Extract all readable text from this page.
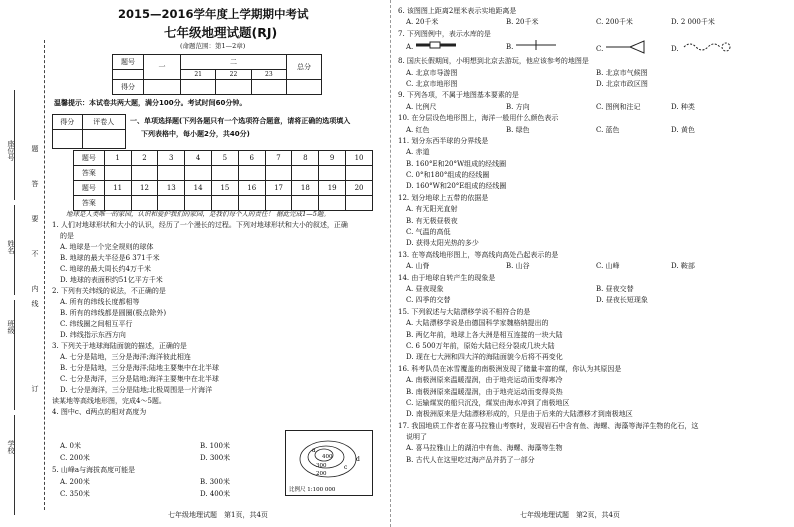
座位号
姓名
班级
学校
订
线
内
不
要
答
题
2015—2016学年度上学期期中考试
七年级地理试题(RJ)
(命题范围：第1—2章)
题号	一	二			总分
		21	22	23	
得分					
温馨提示：本试卷共两大题，满分100分。考试时间60分钟。
得分	评卷人
	一、单项选择题(下列各题只有一个选项符合题意，请将正确的选项填入
下列表格中，每小题2分，共40分)
题号	1	2	3	4	5	6	7	8	9	10
答案										
题号	11	12	13	14	15	16	17	18	19	20
答案										
地球是人类唯一的家园，认识和爱护我们的家园，是我们每个人的责任！ 据此完成1—5题。
1. 人们对地球形状和大小的认识，经历了一个漫长的过程。下列对地球形状和大小的叙述，正确
的是
A. 地球是一个完全规则的球体
B. 地球的最大半径是6 371千米
C. 地球的最大周长约4万千米
D. 地球的表面积约51亿平方千米
2. 下列有关纬线的说法，不正确的是
A. 所有的纬线长度都相等
B. 所有的纬线都是圆圈(极点除外)
C. 纬线圈之间相互平行
D. 纬线指示东西方向
3. 下列关于地球海陆面貌的描述，正确的是
A. 七分是陆地，三分是海洋;海洋彼此相连
B. 七分是陆地，三分是海洋;陆地主要集中在北半球
C. 七分是海洋，三分是陆地;海洋主要集中在北半球
D. 七分是海洋，三分是陆地;北极周围是一片海洋
读某地等高线地形图，完成4～5题。
4. 图中c、d两点的相对高度为
A. 0米	B. 100米
C. 200米	D. 300米
5. 山峰a与海拔高度可能是
A. 200米	B. 300米
C. 350米	D. 400米
a
400
300
200
d
c
比例尺 1:100 000
七年级地理试题　第1页，共4页
6. 该图图上距离2厘米表示实地距离是
A. 20千米	B. 20千米	C. 200千米	D. 2 000千米
7. 下列图例中，表示水库的是
A.	B.	C.	D.
8. 国庆长假期间，小明想到北京去游玩，他应该参考的地图是
A. 北京市导游图	B. 北京市气候图
C. 北京市地形图	D. 北京市政区图
9. 下列各项，不属于地图基本要素的是
A. 比例尺	B. 方向	C. 图例和注记	D. 种类
10. 在分层设色地形图上，海洋一般用什么颜色表示
A. 红色	B. 绿色	C. 蓝色	D. 黄色
11. 划分东西半球的分界线是
A. 赤道
B. 160°E和20°W组成的经线圈
C. 0°和180°组成的经线圈
D. 160°W和20°E组成的经线圈
12. 划分地球上五带的依据是
A. 有无阳光直射
B. 有无极昼极夜
C. 气温的高低
D. 获得太阳光热的多少
13. 在等高线地形图上，等高线向高处凸起表示的是
A. 山脊	B. 山谷	C. 山峰	D. 鞍部
14. 由于地球自转产生的现象是
A. 昼夜现象	B. 昼夜交替
C. 四季的交替	D. 昼夜长短现象
15. 下列叙述与大陆漂移学说不相符合的是
A. 大陆漂移学说是由德国科学家魏格纳提出的
B. 两亿年前，地球上各大洲是相互连接的一块大陆
C. 6 500万年前，原始大陆已经分裂成几块大陆
D. 现在七大洲和四大洋的海陆面貌今后将不再变化
16. 科考队员在冰雪覆盖的南极洲发现了储量丰富的煤，你认为其原因是
A. 南极洲原来温暖湿润，由于地壳运动而变得寒冷
B. 南极洲原来温暖湿润，由于地壳运动而变得炎热
C. 运输煤炭的船只沉没，煤炭由海水冲到了南极地区
D. 南极洲原来是大陆漂移形成的，只是由于后来的大陆漂移才到南极地区
17. 我国地质工作者在喜马拉雅山考察时，发现岩石中含有鱼、海螺、海藻等海洋生物的化石，这
说明了
A. 喜马拉雅山上的湖泊中有鱼、海螺、海藻等生物
B. 古代人在这里吃过海产品并扔了一部分
七年级地理试题　第2页，共4页
